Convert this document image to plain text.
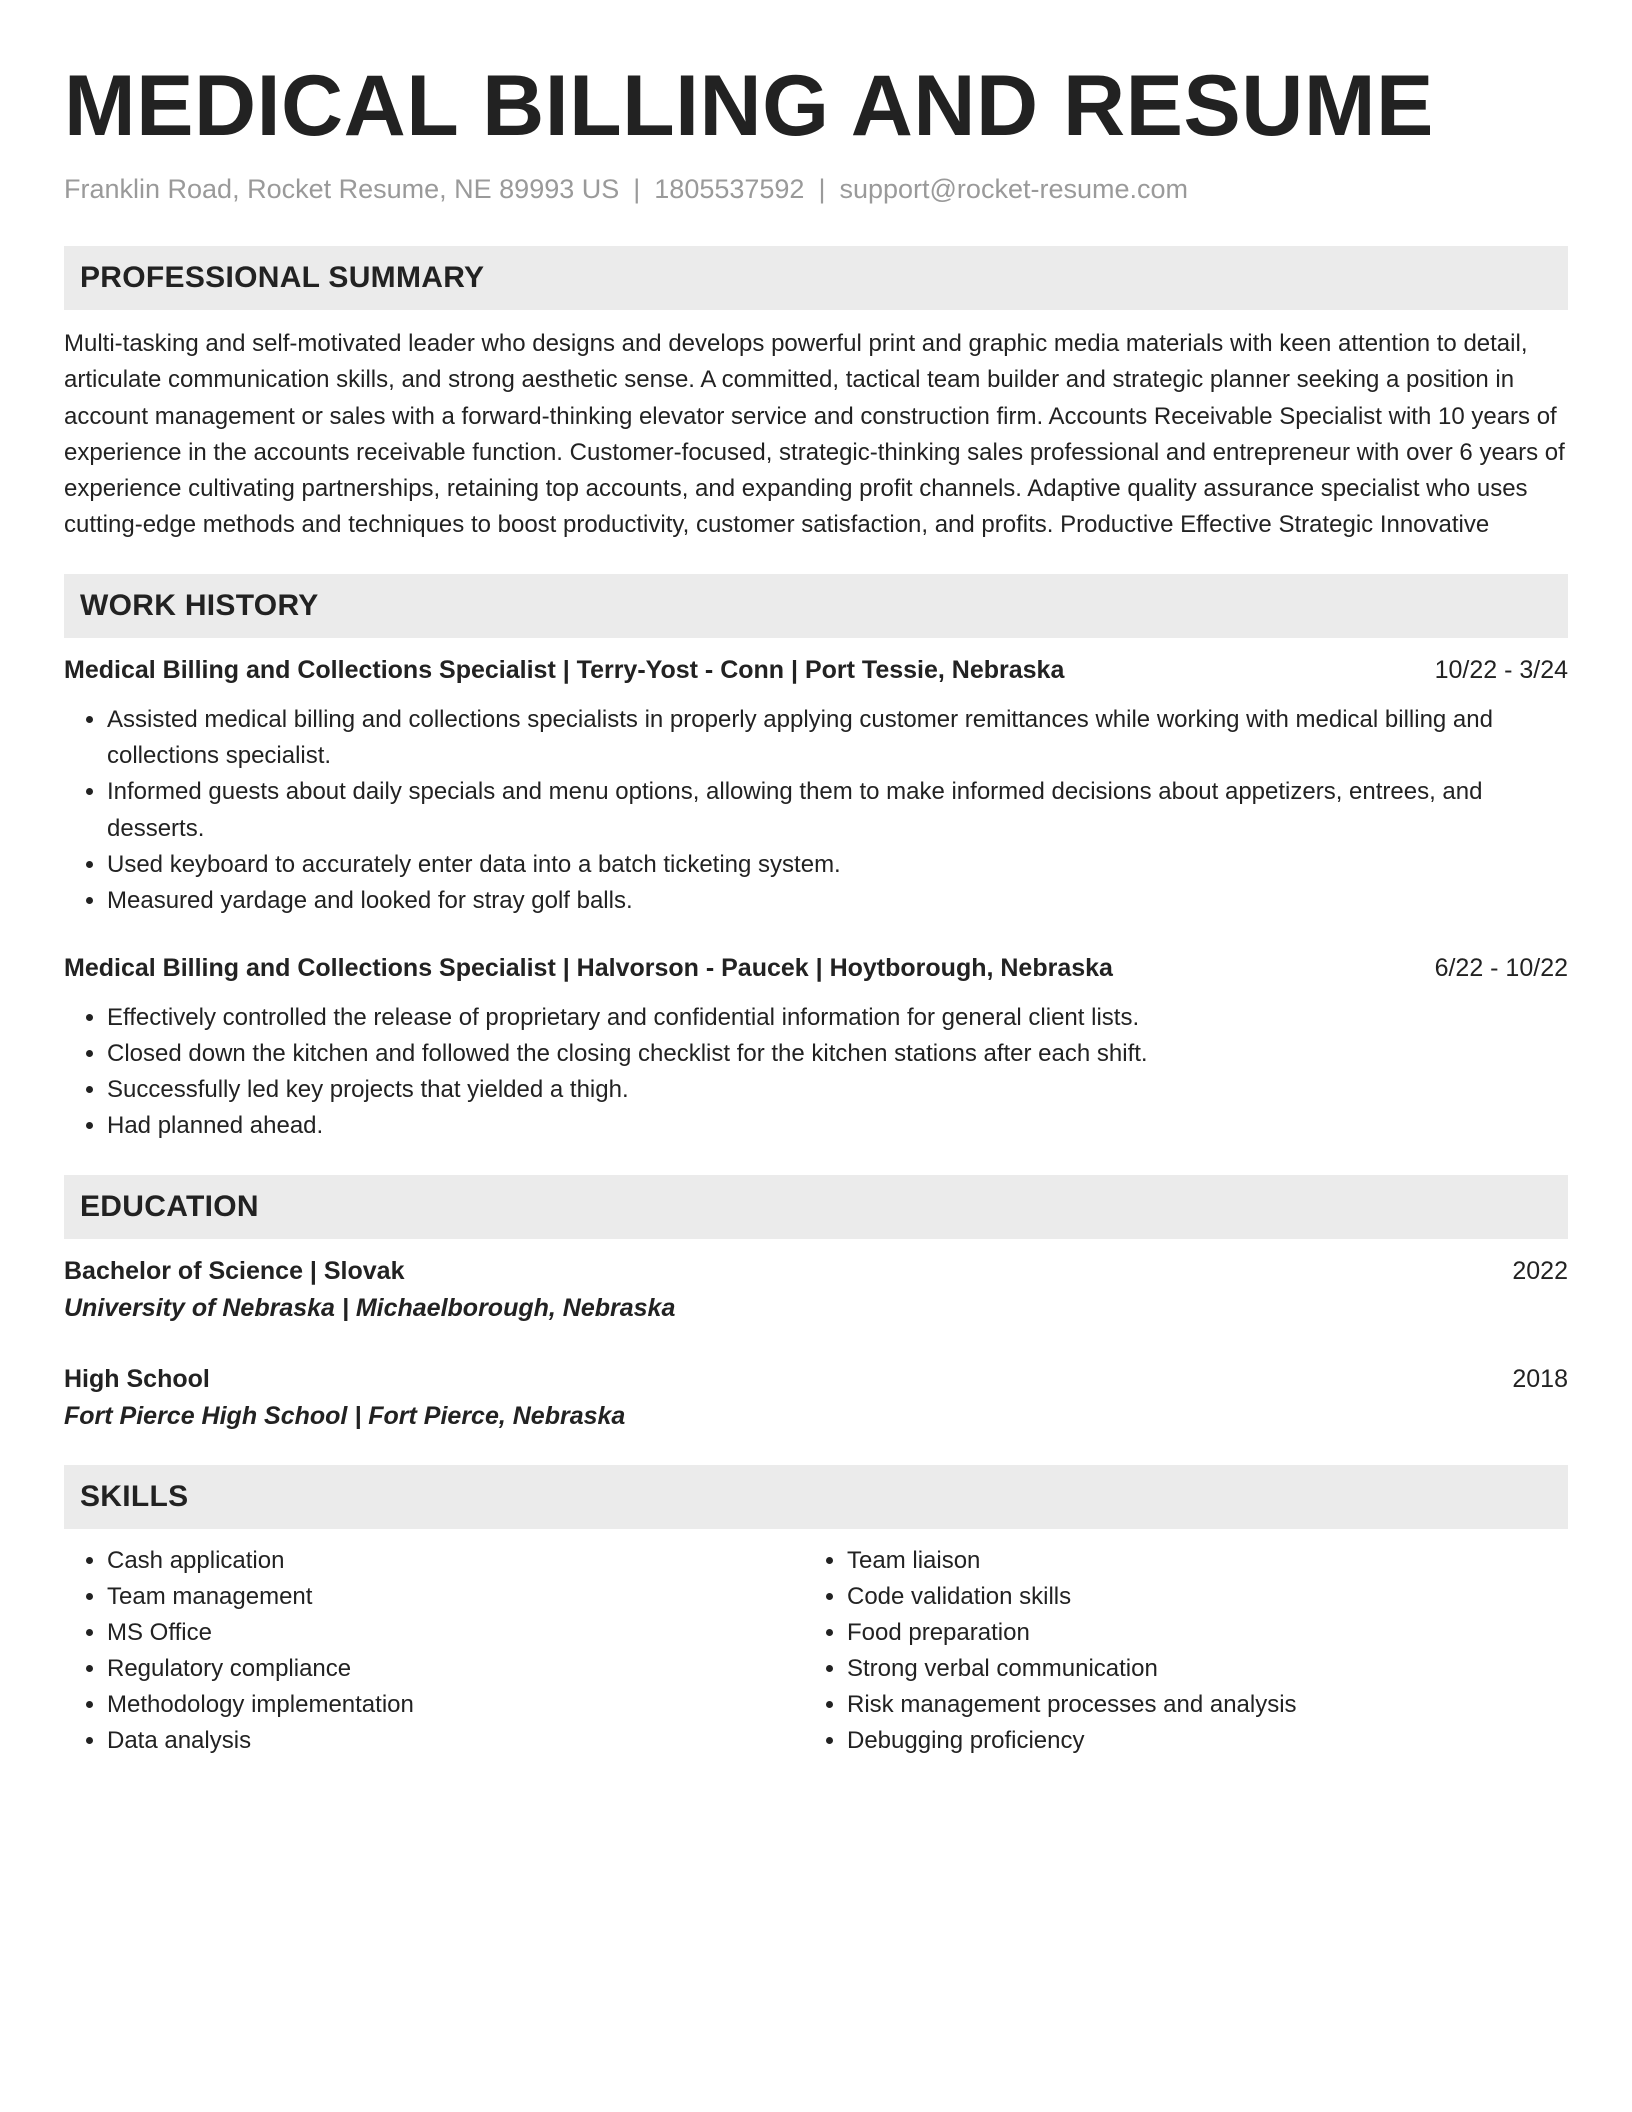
MEDICAL BILLING AND RESUME
Franklin Road, Rocket Resume, NE 89993 US | 1805537592 | support@rocket-resume.com
PROFESSIONAL SUMMARY
Multi-tasking and self-motivated leader who designs and develops powerful print and graphic media materials with keen attention to detail, articulate communication skills, and strong aesthetic sense. A committed, tactical team builder and strategic planner seeking a position in account management or sales with a forward-thinking elevator service and construction firm. Accounts Receivable Specialist with 10 years of experience in the accounts receivable function. Customer-focused, strategic-thinking sales professional and entrepreneur with over 6 years of experience cultivating partnerships, retaining top accounts, and expanding profit channels. Adaptive quality assurance specialist who uses cutting-edge methods and techniques to boost productivity, customer satisfaction, and profits. Productive Effective Strategic Innovative
WORK HISTORY
Medical Billing and Collections Specialist | Terry-Yost - Conn | Port Tessie, Nebraska	10/22 - 3/24
• Assisted medical billing and collections specialists in properly applying customer remittances while working with medical billing and collections specialist.
• Informed guests about daily specials and menu options, allowing them to make informed decisions about appetizers, entrees, and desserts.
• Used keyboard to accurately enter data into a batch ticketing system.
• Measured yardage and looked for stray golf balls.
Medical Billing and Collections Specialist | Halvorson - Paucek | Hoytborough, Nebraska	6/22 - 10/22
• Effectively controlled the release of proprietary and confidential information for general client lists.
• Closed down the kitchen and followed the closing checklist for the kitchen stations after each shift.
• Successfully led key projects that yielded a thigh.
• Had planned ahead.
EDUCATION
Bachelor of Science | Slovak	2022
University of Nebraska | Michaelborough, Nebraska
High School	2018
Fort Pierce High School | Fort Pierce, Nebraska
SKILLS
• Cash application
• Team management
• MS Office
• Regulatory compliance
• Methodology implementation
• Data analysis
• Team liaison
• Code validation skills
• Food preparation
• Strong verbal communication
• Risk management processes and analysis
• Debugging proficiency
